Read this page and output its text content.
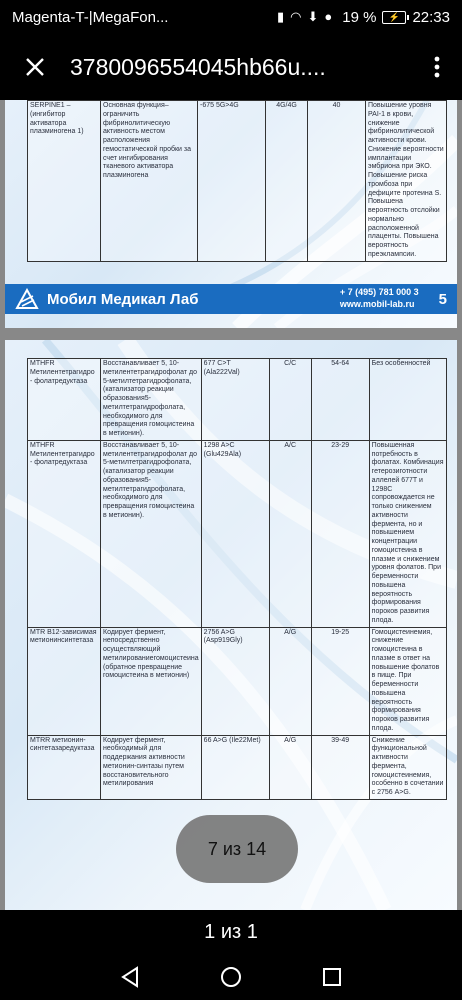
Magenta-T-|MegaFon...	▮ ◠ ⬇ ● 19 %	⚡ 22:33
3780096554045hb66u....
SERPINE1 – (ингибитор активатора плазминогена 1)	Основная функция– ограничить фибринолитическую активность местом расположения гемостатической пробки за счет ингибирования тканевого активатора плазминогена	-675 5G>4G	4G/4G	40	Повышение уровня PAI-1 в крови, снижение фибринолитической активности крови. Снижение вероятности имплантации эмбриона при ЭКО. Повышение риска тромбоза при дефиците протеина S. Повышена вероятность отслойки нормально расположенной плаценты. Повышена вероятность преэклампсии.
Мобил Медикал Лаб	+ 7 (495) 781 000 3
www.mobil-lab.ru 5
MTHFR Метилентетрагидро - фолатредуктаза	Восстанавливает 5, 10-метилентетрагидрофолат до 5-метилтетрагидрофолата, (катализатор реакции образования5-метилтетрагидрофолата, необходимого для превращения гомоцистеина в метионин).	677 C>T (Ala222Val)	C/C	54-64	Без особенностей
MTHFR Метилентетрагидро - фолатредуктаза	Восстанавливает 5, 10-метилентетрагидрофолат до 5-метилтетрагидрофолата, (катализатор реакции образования5-метилтетрагидрофолата, необходимого для превращения гомоцистеина в метионин).	1298 A>C (Glu429Ala)	A/C	23-29	Повышенная потребность в фолатах. Комбинация гетерозиготности аллелей 677T и 1298C сопровождается не только снижением активности фермента, но и повышением концентрации гомоцистеина в плазме и снижением уровня фолатов. При беременности повышена вероятность формирования пороков развития плода.
MTR B12-зависимая метионинсинтетаза	Кодирует фермент, непосредственно осуществляющий метилированиегомоцистеина (обратное превращение гомоцистеина в метионин)	2756 A>G (Asp919Gly)	A/G	19-25	Гомоцистеинемия, снижение гомоцистеина в плазме в ответ на повышение фолатов в пище. При беременности повышена вероятность формирования пороков развития плода.
MTRR метионин-синтетазаредуктаза	Кодирует фермент, необходимый для поддержания активности метионин-синтазы путем восстановительного метилирования	66 A>G (Ile22Met)	A/G	39-49	Снижение функциональной активности фермента, гомоцистеинемия, особенно в сочетании с 2756 A>G.
7 из 14
1 из 1
